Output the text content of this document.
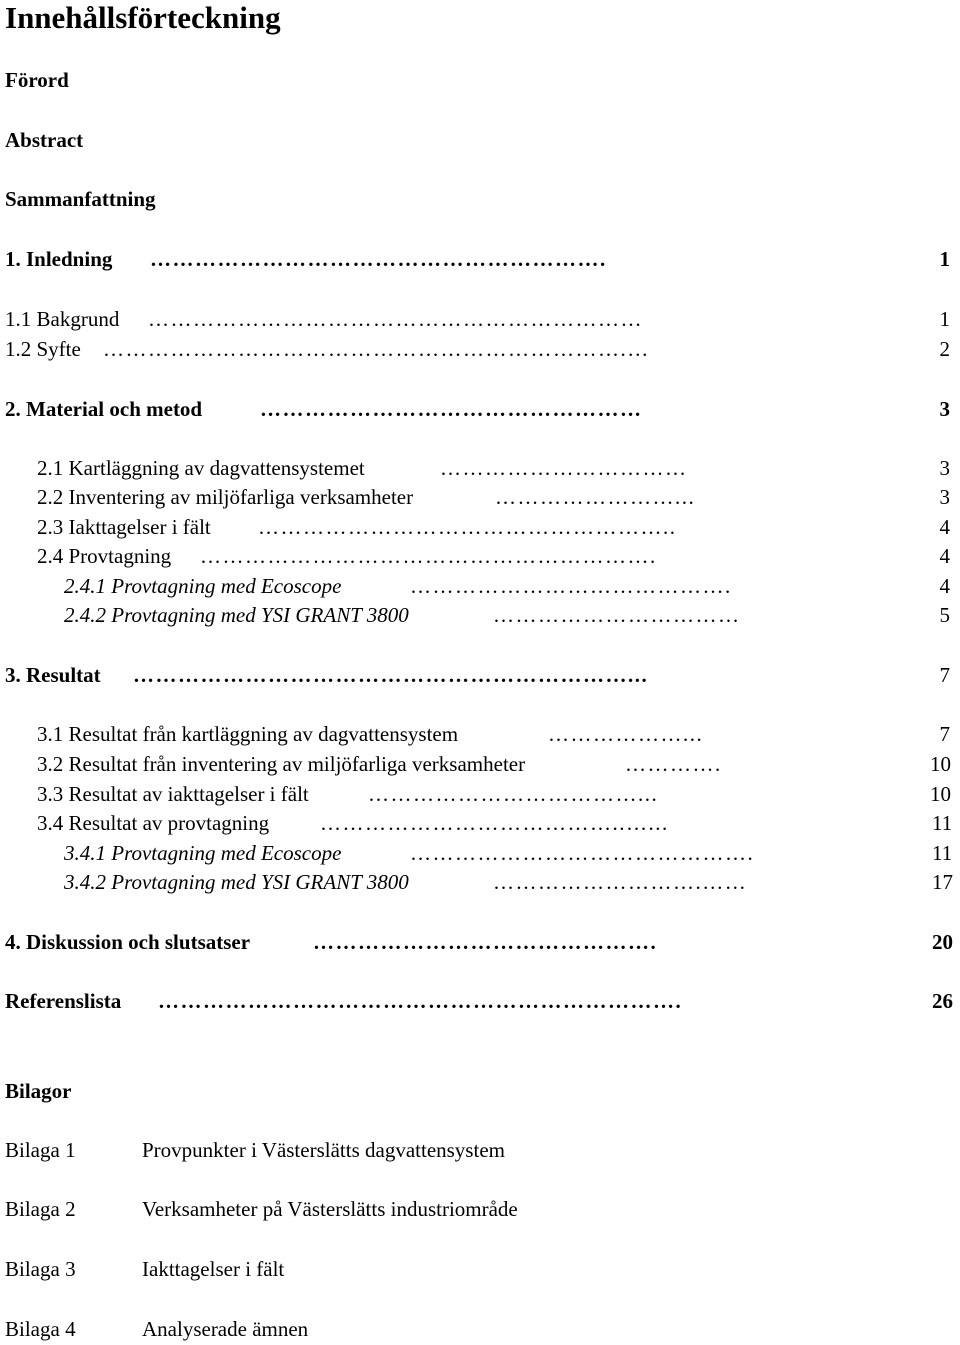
Innehållsförteckning
Förord
Abstract
Sammanfattning
1. Inledning …………………………………………………….	1
1.1 Bakgrund …………………………………………………………	1
1.2 Syfte …………………………………………………………….…	2
2. Material och metod	……………………………………………	3
2.1 Kartläggning av dagvattensystemet	……………………………	3
2.2 Inventering av miljöfarliga verksamheter	……………………...	3
2.3 Iakttagelser i fält ………………………………………………..	4
2.4 Provtagning …………………………………………………….	4
2.4.1 Provtagning med Ecoscope	…………………………………….	4
2.4.2 Provtagning med YSI GRANT 3800	……………………………	5
3. Resultat …………………………………………………………...	7
3.1 Resultat från kartläggning av dagvattensystem	………………...	7
3.2 Resultat från inventering av miljöfarliga verksamheter	………….	10
3.3 Resultat av iakttagelser i fält	………………………………...	10
3.4 Resultat av provtagning …………………………………..…...	11
3.4.1 Provtagning med Ecoscope	……………………………………….	11
3.4.2 Provtagning med YSI GRANT 3800	……………………….……	17
4. Diskussion och slutsatser	……………………………………….	20
Referenslista …………………………………………………………….	26
Bilagor
Bilaga 1	Provpunkter i Västerslätts dagvattensystem
Bilaga 2	Verksamheter på Västerslätts industriområde
Bilaga 3	Iakttagelser i fält
Bilaga 4	Analyserade ämnen
